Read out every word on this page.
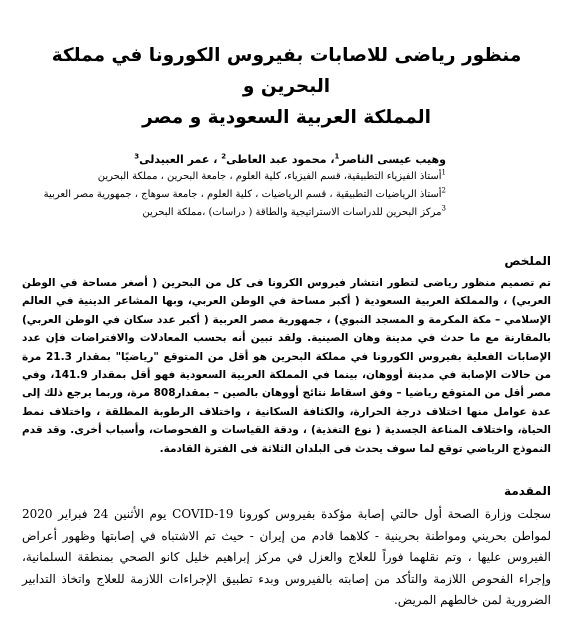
منظور رياضى للاصابات بفيروس الكورونا في مملكة البحرين و
المملكة العربية السعودية و مصر

وهيب عيسى الناصر$^1$، محمود عبد العاطى$^2$ ، عمر العبيدلى$^3$

$^1$أستاذ الفيزياء التطبيقية، قسم الفيزياء، كلية العلوم ، جامعة البحرين ، مملكة البحرين

$^2$أستاذ الرياضيات التطبيقية ، قسم الرياضيات ، كلية العلوم ، جامعة سوهاج ، جمهورية مصر العربية

$^3$مركز البحرين للدراسات الاستراتيجية والطاقة ( دراسات) ،مملكة البحرين

الملخص

تم تصميم منظور رياضى لتطور انتشار فيروس الكرونا فى كل من البحرين ( أصغر مساحة في الوطن العربي) ، والمملكة العربية السعودية ( أكبر مساحة في الوطن العربي، وبها المشاعر الدينية في العالم الإسلامي – مكة المكرمة و المسجد النبوي) ، جمهورية مصر العربية ( أكبر عدد سكان في الوطن العربي) بالمقارنة مع ما حدث في مدينة وهان الصينية. ولقد تبين أنه بحسب المعادلات والافتراضات فإن عدد الإصابات الفعلية بفيروس الكورونا في مملكة البحرين هو أقل من المتوقع "رياضيًا" بمقدار 21.3 مرة من حالات الإصابة في مدينة أووهان، بينما في المملكة العربية السعودية فهو أقل بمقدار 141.9، وفي مصر أقل من المتوقع رياضيا – وفق اسقاط نتائج أووهان بالصين – بمقدار808 مرة، وربما يرجع ذلك إلى عدة عوامل منها اختلاف درجة الحرارة، والكثافة السكانية ، واختلاف الرطوبة المطلقة ، واختلاف نمط الحياة، واختلاف المناعة الجسدية ( نوع التغذية) ، ودقة القياسات و الفحوصات، وأسباب أخرى. وقد قدم النموذج الرياضي توقع لما سوف يحدث فى البلدان الثلاثة فى الفترة القادمة.

المقدمة

سجلت وزارة الصحة أول حالتي إصابة مؤكدة بفيروس كورونا COVID-19 يوم الأثنين 24 فبراير 2020 لمواطن بحريني ومواطنة بحرينية - كلاهما قادم من إيران - حيث تم الاشتباه في إصابتها وظهور أعراض الفيروس عليها ، وتم نقلهما فوراً للعلاج والعزل في مركز إبراهيم خليل كانو الصحي بمنطقة السلمانية، وإجراء الفحوص اللازمة والتأكد من إصابته بالفيروس وبدء تطبيق الإجراءات اللازمة للعلاج واتخاذ التدابير الضرورية لمن خالطهم المريض.
